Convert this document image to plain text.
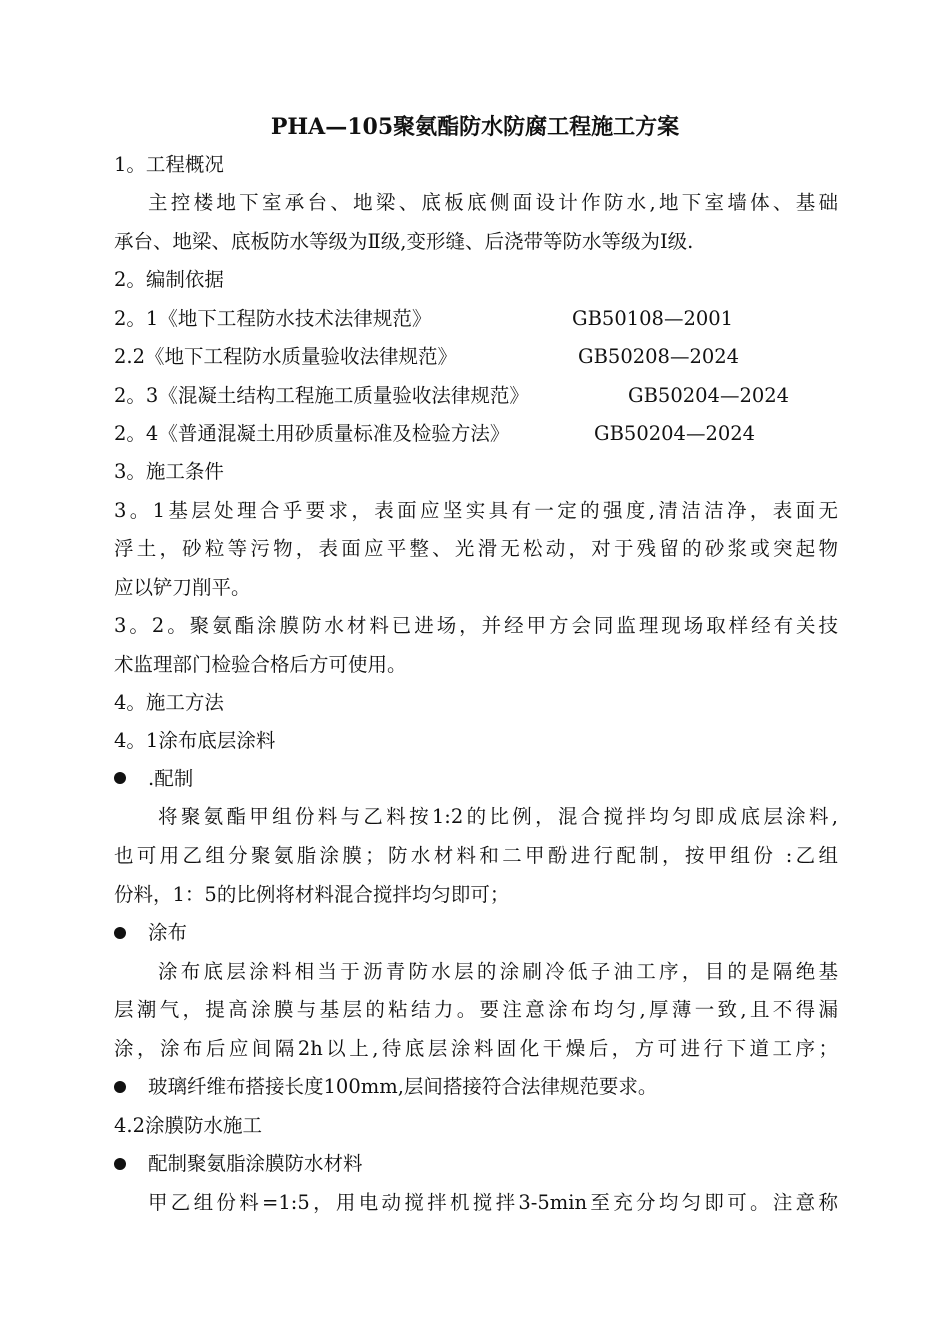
PHA—105聚氨酯防水防腐工程施工方案
1。工程概况
主控楼地下室承台、地梁、底板底侧面设计作防水,地下室墙体、基础
承台、地梁、底板防水等级为Ⅱ级,变形缝、后浇带等防水等级为Ⅰ级.
2。编制依据
2。1《地下工程防水技术法律规范》	GB50108—2001
2.2《地下工程防水质量验收法律规范》	GB50208—2024
2。3《混凝土结构工程施工质量验收法律规范》	GB50204—2024
2。4《普通混凝土用砂质量标准及检验方法》	GB50204—2024
3。施工条件
3。1基层处理合乎要求，表面应坚实具有一定的强度,清洁洁净，表面无
浮土，砂粒等污物，表面应平整、光滑无松动，对于残留的砂浆或突起物
应以铲刀削平。
3。2。聚氨酯涂膜防水材料已进场，并经甲方会同监理现场取样经有关技
术监理部门检验合格后方可使用。
4。施工方法
4。1涂布底层涂料
.配制
将聚氨酯甲组份料与乙料按1:2的比例，混合搅拌均匀即成底层涂料,
也可用乙组分聚氨脂涂膜；防水材料和二甲酚进行配制，按甲组份 :乙组
份料，1：5的比例将材料混合搅拌均匀即可；
涂布
涂布底层涂料相当于沥青防水层的涂刷冷低子油工序，目的是隔绝基
层潮气，提高涂膜与基层的粘结力。要注意涂布均匀,厚薄一致,且不得漏
涂，涂布后应间隔2h以上,待底层涂料固化干燥后，方可进行下道工序；
玻璃纤维布搭接长度100mm,层间搭接符合法律规范要求。
4.2涂膜防水施工
配制聚氨脂涂膜防水材料
甲乙组份料=1:5，用电动搅拌机搅拌3-5min至充分均匀即可。注意称
